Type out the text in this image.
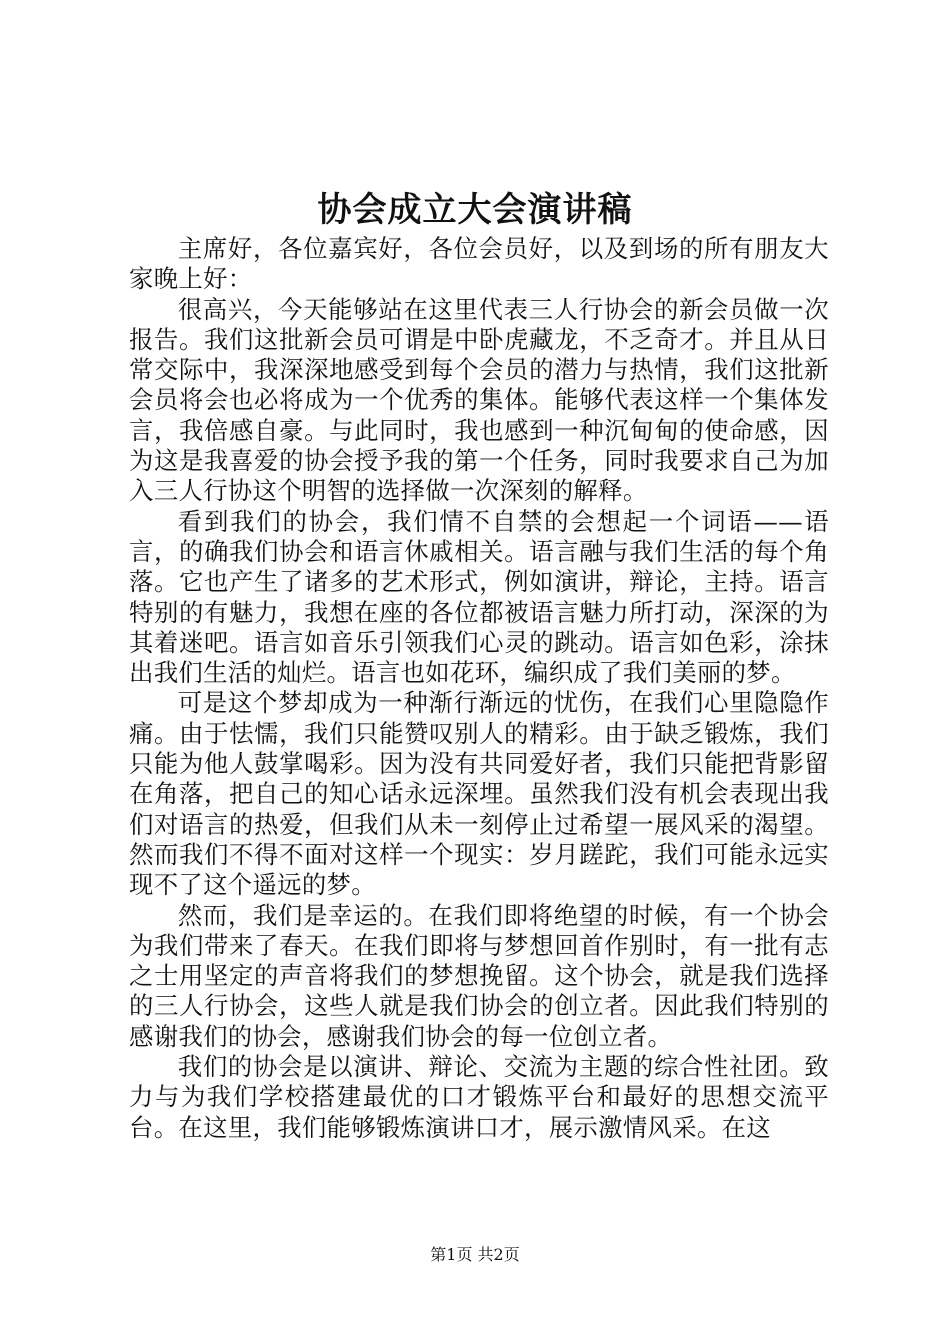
协会成立大会演讲稿

主席好，各位嘉宾好，各位会员好，以及到场的所有朋友大家晚上好：

很高兴，今天能够站在这里代表三人行协会的新会员做一次报告。我们这批新会员可谓是中卧虎藏龙，不乏奇才。并且从日常交际中，我深深地感受到每个会员的潜力与热情，我们这批新会员将会也必将成为一个优秀的集体。能够代表这样一个集体发言，我倍感自豪。与此同时，我也感到一种沉甸甸的使命感，因为这是我喜爱的协会授予我的第一个任务，同时我要求自己为加入三人行协这个明智的选择做一次深刻的解释。

看到我们的协会，我们情不自禁的会想起一个词语——语言，的确我们协会和语言休戚相关。语言融与我们生活的每个角落。它也产生了诸多的艺术形式，例如演讲，辩论，主持。语言特别的有魅力，我想在座的各位都被语言魅力所打动，深深的为其着迷吧。语言如音乐引领我们心灵的跳动。语言如色彩，涂抹出我们生活的灿烂。语言也如花环，编织成了我们美丽的梦。

可是这个梦却成为一种渐行渐远的忧伤，在我们心里隐隐作痛。由于怯懦，我们只能赞叹别人的精彩。由于缺乏锻炼，我们只能为他人鼓掌喝彩。因为没有共同爱好者，我们只能把背影留在角落，把自己的知心话永远深埋。虽然我们没有机会表现出我们对语言的热爱，但我们从未一刻停止过希望一展风采的渴望。然而我们不得不面对这样一个现实：岁月蹉跎，我们可能永远实现不了这个遥远的梦。

然而，我们是幸运的。在我们即将绝望的时候，有一个协会为我们带来了春天。在我们即将与梦想回首作别时，有一批有志之士用坚定的声音将我们的梦想挽留。这个协会，就是我们选择的三人行协会，这些人就是我们协会的创立者。因此我们特别的感谢我们的协会，感谢我们协会的每一位创立者。

我们的协会是以演讲、辩论、交流为主题的综合性社团。致力与为我们学校搭建最优的口才锻炼平台和最好的思想交流平台。在这里，我们能够锻炼演讲口才，展示激情风采。在这

第1页 共2页
